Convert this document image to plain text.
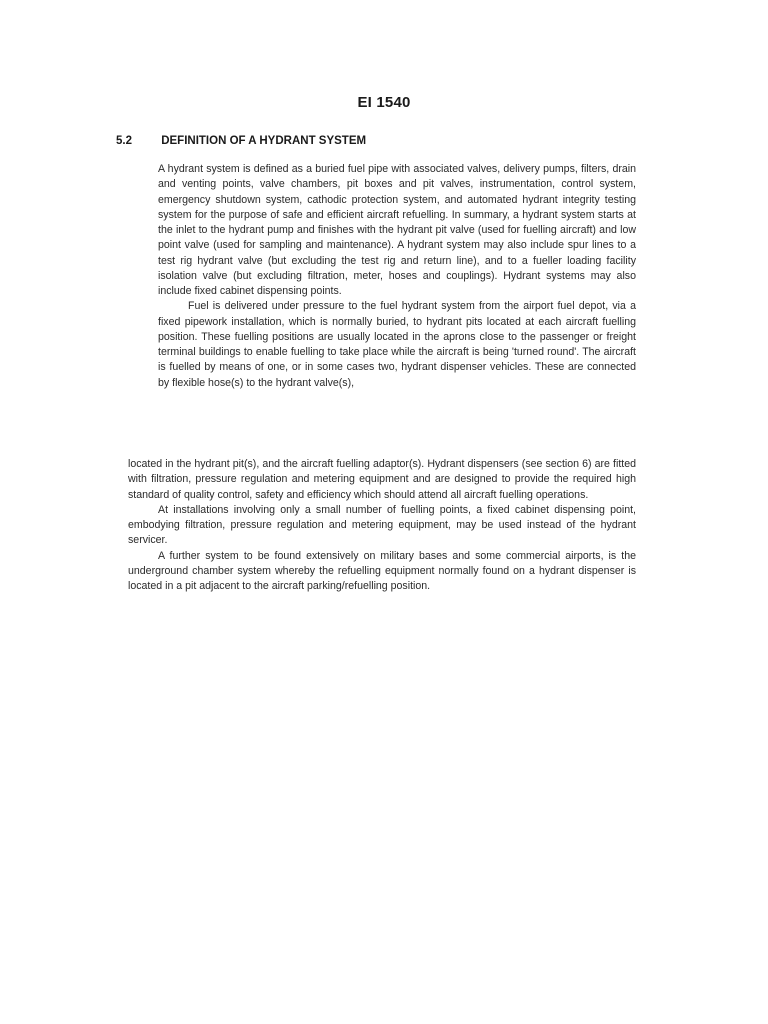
EI 1540
5.2	DEFINITION OF A HYDRANT SYSTEM

A hydrant system is defined as a buried fuel pipe with associated valves, delivery pumps, filters, drain and venting points, valve chambers, pit boxes and pit valves, instrumentation, control system, emergency shutdown system, cathodic protection system, and automated hydrant integrity testing system for the purpose of safe and efficient aircraft refuelling. In summary, a hydrant system starts at the inlet to the hydrant pump and finishes with the hydrant pit valve (used for fuelling aircraft) and low point valve (used for sampling and maintenance). A hydrant system may also include spur lines to a test rig hydrant valve (but excluding the test rig and return line), and to a fueller loading facility isolation valve (but excluding filtration, meter, hoses and couplings). Hydrant systems may also include fixed cabinet dispensing points.

Fuel is delivered under pressure to the fuel hydrant system from the airport fuel depot, via a fixed pipework installation, which is normally buried, to hydrant pits located at each aircraft fuelling position. These fuelling positions are usually located in the aprons close to the passenger or freight terminal buildings to enable fuelling to take place while the aircraft is being 'turned round'. The aircraft is fuelled by means of one, or in some cases two, hydrant dispenser vehicles. These are connected by flexible hose(s) to the hydrant valve(s),

located in the hydrant pit(s), and the aircraft fuelling adaptor(s). Hydrant dispensers (see section 6) are fitted with filtration, pressure regulation and metering equipment and are designed to provide the required high standard of quality control, safety and efficiency which should attend all aircraft fuelling operations.

At installations involving only a small number of fuelling points, a fixed cabinet dispensing point, embodying filtration, pressure regulation and metering equipment, may be used instead of the hydrant servicer.

A further system to be found extensively on military bases and some commercial airports, is the underground chamber system whereby the refuelling equipment normally found on a hydrant dispenser is located in a pit adjacent to the aircraft parking/refuelling position.
